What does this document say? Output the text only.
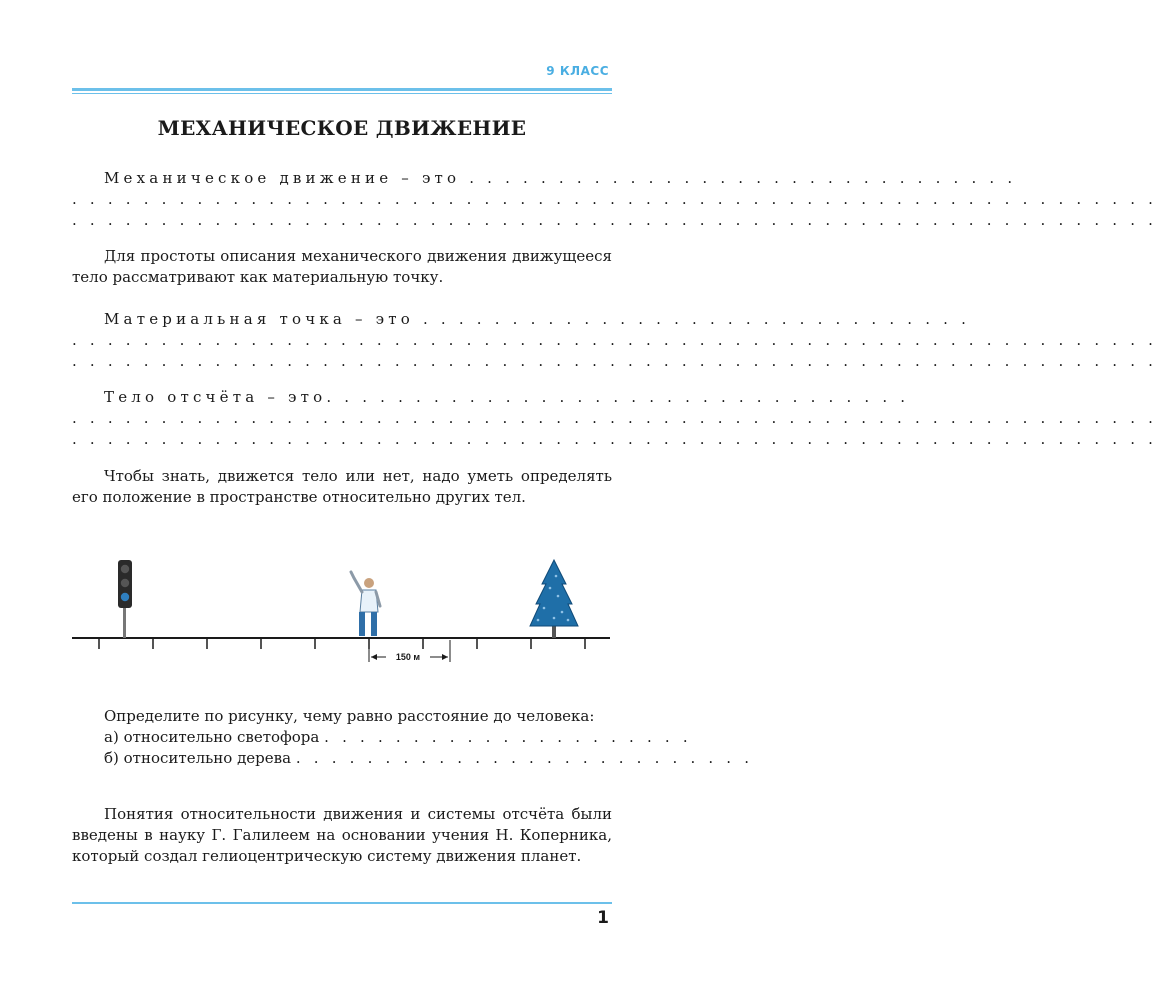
9 КЛАСС
МЕХАНИЧЕСКОЕ ДВИЖЕНИЕ
Механическое движение – это . . . . . . . . . . . . . . . . . . . . . . . . . . . . . . .
. . . . . . . . . . . . . . . . . . . . . . . . . . . . . . . . . . . . . . . . . . . . . . . . . . . . . . . . . . . . .
. . . . . . . . . . . . . . . . . . . . . . . . . . . . . . . . . . . . . . . . . . . . . . . . . . . . . . . . . . . . .

Для простоты описания механического движения движущееся тело рассматривают как материальную точку.

Материальная точка – это . . . . . . . . . . . . . . . . . . . . . . . . . . . . . . .
. . . . . . . . . . . . . . . . . . . . . . . . . . . . . . . . . . . . . . . . . . . . . . . . . . . . . . . . . . . . .
. . . . . . . . . . . . . . . . . . . . . . . . . . . . . . . . . . . . . . . . . . . . . . . . . . . . . . . . . . . . .
Тело отсчёта – это. . . . . . . . . . . . . . . . . . . . . . . . . . . . . . . . .
. . . . . . . . . . . . . . . . . . . . . . . . . . . . . . . . . . . . . . . . . . . . . . . . . . . . . . . . . . . . .
. . . . . . . . . . . . . . . . . . . . . . . . . . . . . . . . . . . . . . . . . . . . . . . . . . . . . . . . . . . . .

Чтобы знать, движется тело или нет, надо уметь определять его положение в пространстве относительно других тел.

150 м

Определите по рисунку, чему равно расстояние до человека:

а) относительно светофора . . . . . . . . . . . . . . . . . . . . .
б) относительно дерева . . . . . . . . . . . . . . . . . . . . . . . . . .

Понятия относительности движения и системы отсчёта были введены в науку Г. Галилеем на основании учения Н. Коперника, который создал гелиоцентрическую систему движения планет.

1
